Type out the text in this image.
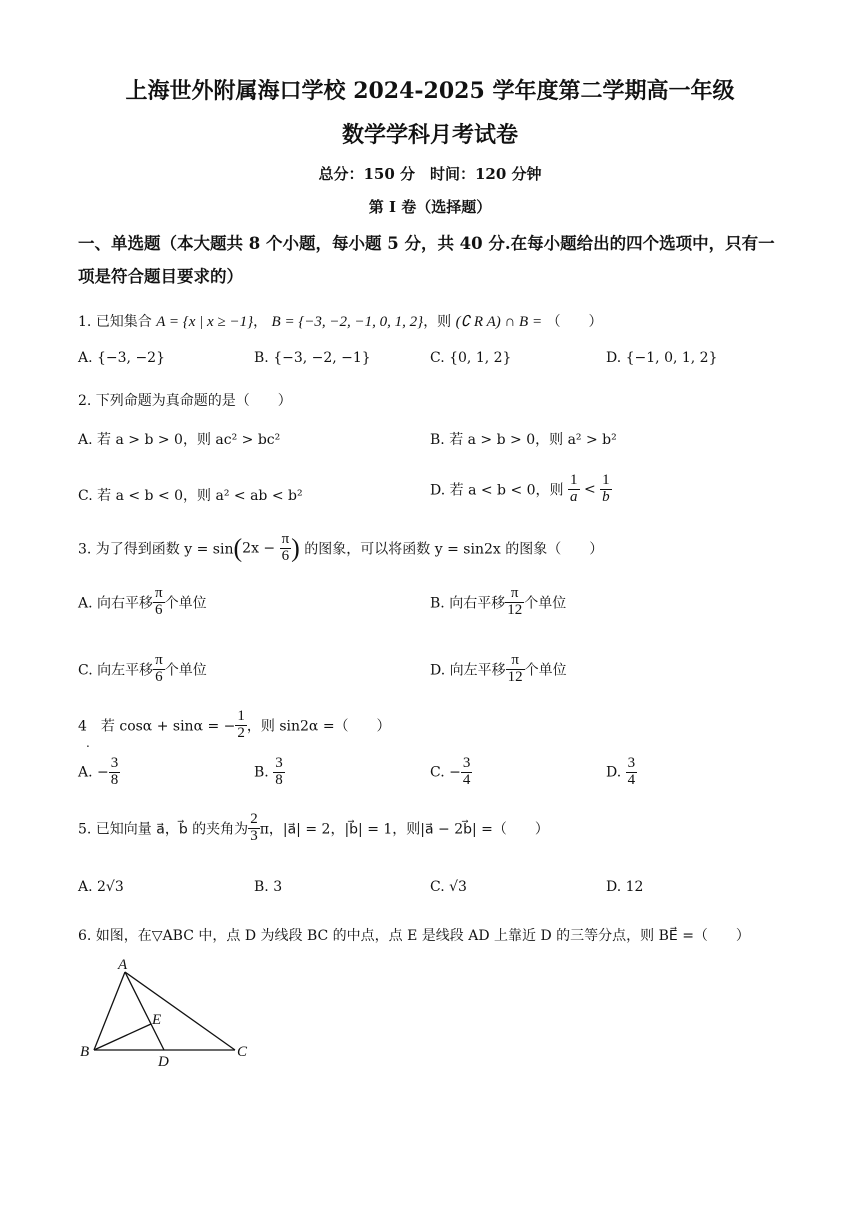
上海世外附属海口学校 2024-2025 学年度第二学期高一年级
数学学科月考试卷
总分：150 分　时间：120 分钟
第 I 卷（选择题）
一、单选题（本大题共 8 个小题，每小题 5 分，共 40 分.在每小题给出的四个选项中，只有一
项是符合题目要求的）
1. 已知集合 A = {x | x ≥ −1}， B = {−3, −2, −1, 0, 1, 2}，则 (∁ R A) ∩ B = （　　）
A. {−3, −2}	B. {−3, −2, −1}	C. {0, 1, 2}	D. {−1, 0, 1, 2}
2. 下列命题为真命题的是（　　）
A. 若 a > b > 0，则 ac² > bc²	B. 若 a > b > 0，则 a² > b²
C. 若 a < b < 0，则 a² < ab < b²	D. 若 a < b < 0，则 $\frac{1}{a} < \frac{1}{b}$
3. 为了得到函数 $y = \sin(2x - \frac{\pi}{6}$ ) 的图象，可以将函数 y = sin2x 的图象（　　）
A. 向右平移 $\frac{\pi}{6}$ 个单位	B. 向右平移 $\frac{\pi}{12}$ 个单位
C. 向左平移 $\frac{\pi}{6}$ 个单位	D. 向左平移 $\frac{\pi}{12}$ 个单位
4　若 cosα + sinα = − $\frac{1}{2}$ ，则 sin2α =（　　）
.
A. − $\frac{3}{8}$	B. $\frac{3}{8}$	C. − $\frac{3}{4}$	D. $\frac{3}{4}$
5. 已知向量 a⃗，b⃗ 的夹角为 $\frac{2}{3}$ π，|a⃗| = 2，|b⃗| = 1，则|a⃗ − 2b⃗| =（　　）
A. 2√3	B. 3	C. √3	D. 12
6. 如图，在▽ABC 中，点 D 为线段 BC 的中点，点 E 是线段 AD 上靠近 D 的三等分点，则 BE⃗ =（　　）
A
B	C
D
E
